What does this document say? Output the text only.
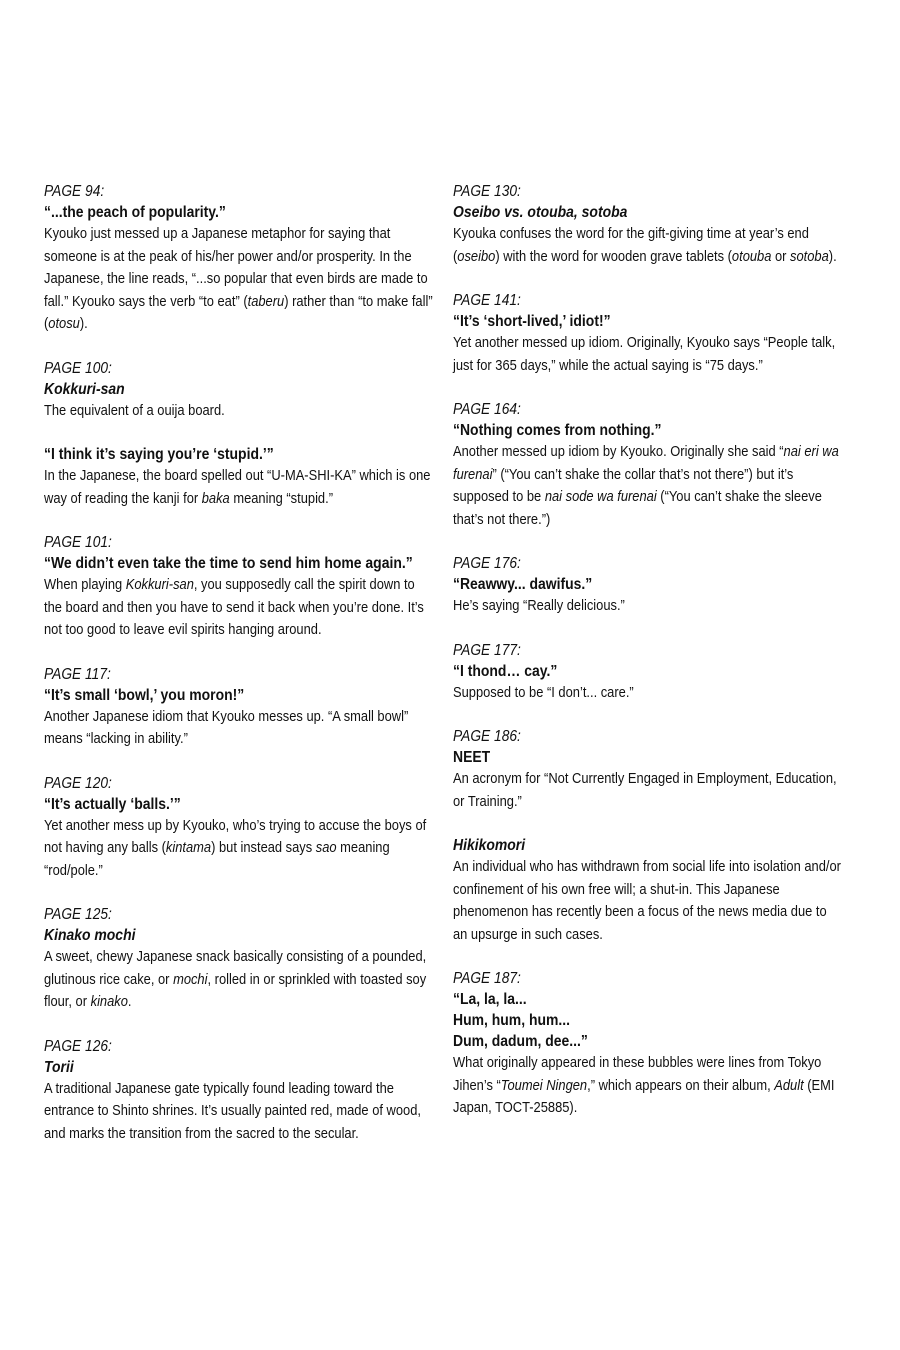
PAGE 94:

“...the peach of popularity.”

Kyouko just messed up a Japanese metaphor for saying that someone is at the peak of his/her power and/or prosperity. In the Japanese, the line reads, “...so popular that even birds are made to fall.” Kyouko says the verb “to eat” (taberu) rather than “to make fall” (otosu).

PAGE 100:

Kokkuri-san

The equivalent of a ouija board.

“I think it’s saying you’re ‘stupid.’”

In the Japanese, the board spelled out “U-MA-SHI-KA” which is one way of reading the kanji for baka meaning “stupid.”

PAGE 101:

“We didn’t even take the time to send him home again.”

When playing Kokkuri-san, you supposedly call the spirit down to the board and then you have to send it back when you’re done. It’s not too good to leave evil spirits hanging around.

PAGE 117:

“It’s small ‘bowl,’ you moron!”

Another Japanese idiom that Kyouko messes up. “A small bowl” means “lacking in ability.”

PAGE 120:

“It’s actually ‘balls.’”

Yet another mess up by Kyouko, who’s trying to accuse the boys of not having any balls (kintama) but instead says sao meaning “rod/pole.”

PAGE 125:

Kinako mochi

A sweet, chewy Japanese snack basically consisting of a pounded, glutinous rice cake, or mochi, rolled in or sprinkled with toasted soy flour, or kinako.

PAGE 126:

Torii

A traditional Japanese gate typically found leading toward the entrance to Shinto shrines. It’s usually painted red, made of wood, and marks the transition from the sacred to the secular.

PAGE 130:

Oseibo vs. otouba, sotoba

Kyouka confuses the word for the gift-giving time at year’s end (oseibo) with the word for wooden grave tablets (otouba or sotoba).

PAGE 141:

“It’s ‘short-lived,’ idiot!”

Yet another messed up idiom. Originally, Kyouko says “People talk, just for 365 days,” while the actual saying is “75 days.”

PAGE 164:

“Nothing comes from nothing.”

Another messed up idiom by Kyouko. Originally she said “nai eri wa furenai” (“You can’t shake the collar that’s not there”) but it’s supposed to be nai sode wa furenai (“You can’t shake the sleeve that’s not there.”)

PAGE 176:

“Reawwy... dawifus.”

He’s saying “Really delicious.”

PAGE 177:

“I thond… cay.”

Supposed to be “I don’t... care.”

PAGE 186:

NEET

An acronym for “Not Currently Engaged in Employment, Education, or Training.”

Hikikomori

An individual who has withdrawn from social life into isolation and/or confinement of his own free will; a shut-in. This Japanese phenomenon has recently been a focus of the news media due to an upsurge in such cases.

PAGE 187:

“La, la, la...
Hum, hum, hum...
Dum, dadum, dee...”

What originally appeared in these bubbles were lines from Tokyo Jihen’s “Toumei Ningen,” which appears on their album, Adult (EMI Japan, TOCT-25885).
